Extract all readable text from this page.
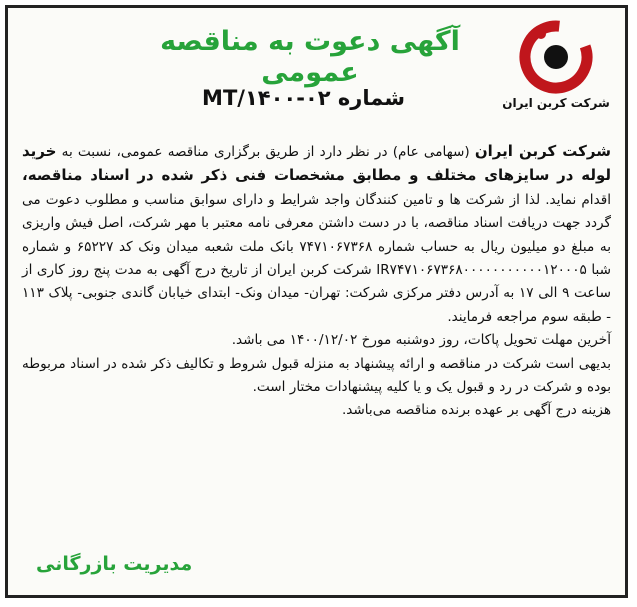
آگهی دعوت به مناقصه عمومی
شماره ۰۲-MT/۱۴۰۰	شرکت کربن ایران

شرکت کربن ایران (سهامی عام) در نظر دارد از طریق برگزاری مناقصه عمومی، نسبت به خرید لوله در سایزهای مختلف و مطابق مشخصات فنی ذکر شده در اسناد مناقصه، اقدام نماید. لذا از شرکت ها و تامین کنندگان واجد شرایط و دارای سوابق مناسب و مطلوب دعوت می گردد جهت دریافت اسناد مناقصه، با در دست داشتن معرفی نامه معتبر با مهر شرکت، اصل فیش واریزی به مبلغ دو میلیون ریال به حساب شماره ۷۴۷۱۰۶۷۳۶۸ بانک ملت شعبه میدان ونک کد ۶۵۲۲۷ و شماره شبا IR۷۴۷۱۰۶۷۳۶۸۰۰۰۰۰۰۰۰۰۰۰۱۲۰۰۰۵ شرکت کربن ایران از تاریخ درج آگهی به مدت پنج روز کاری از ساعت ۹ الی ۱۷ به آدرس دفتر مرکزی شرکت: تهران- میدان ونک- ابتدای خیابان گاندی جنوبی- پلاک ۱۱۳ - طبقه سوم مراجعه فرمایند.

آخرین مهلت تحویل پاکات، روز دوشنبه مورخ ۱۴۰۰/۱۲/۰۲ می باشد.

بدیهی است شرکت در مناقصه و ارائه پیشنهاد به منزله قبول شروط و تکالیف ذکر شده در اسناد مربوطه بوده و شرکت در رد و قبول یک و یا کلیه پیشنهادات مختار است.

هزینه درج آگهی بر عهده برنده مناقصه می‌باشد.

مدیریت بازرگانی
